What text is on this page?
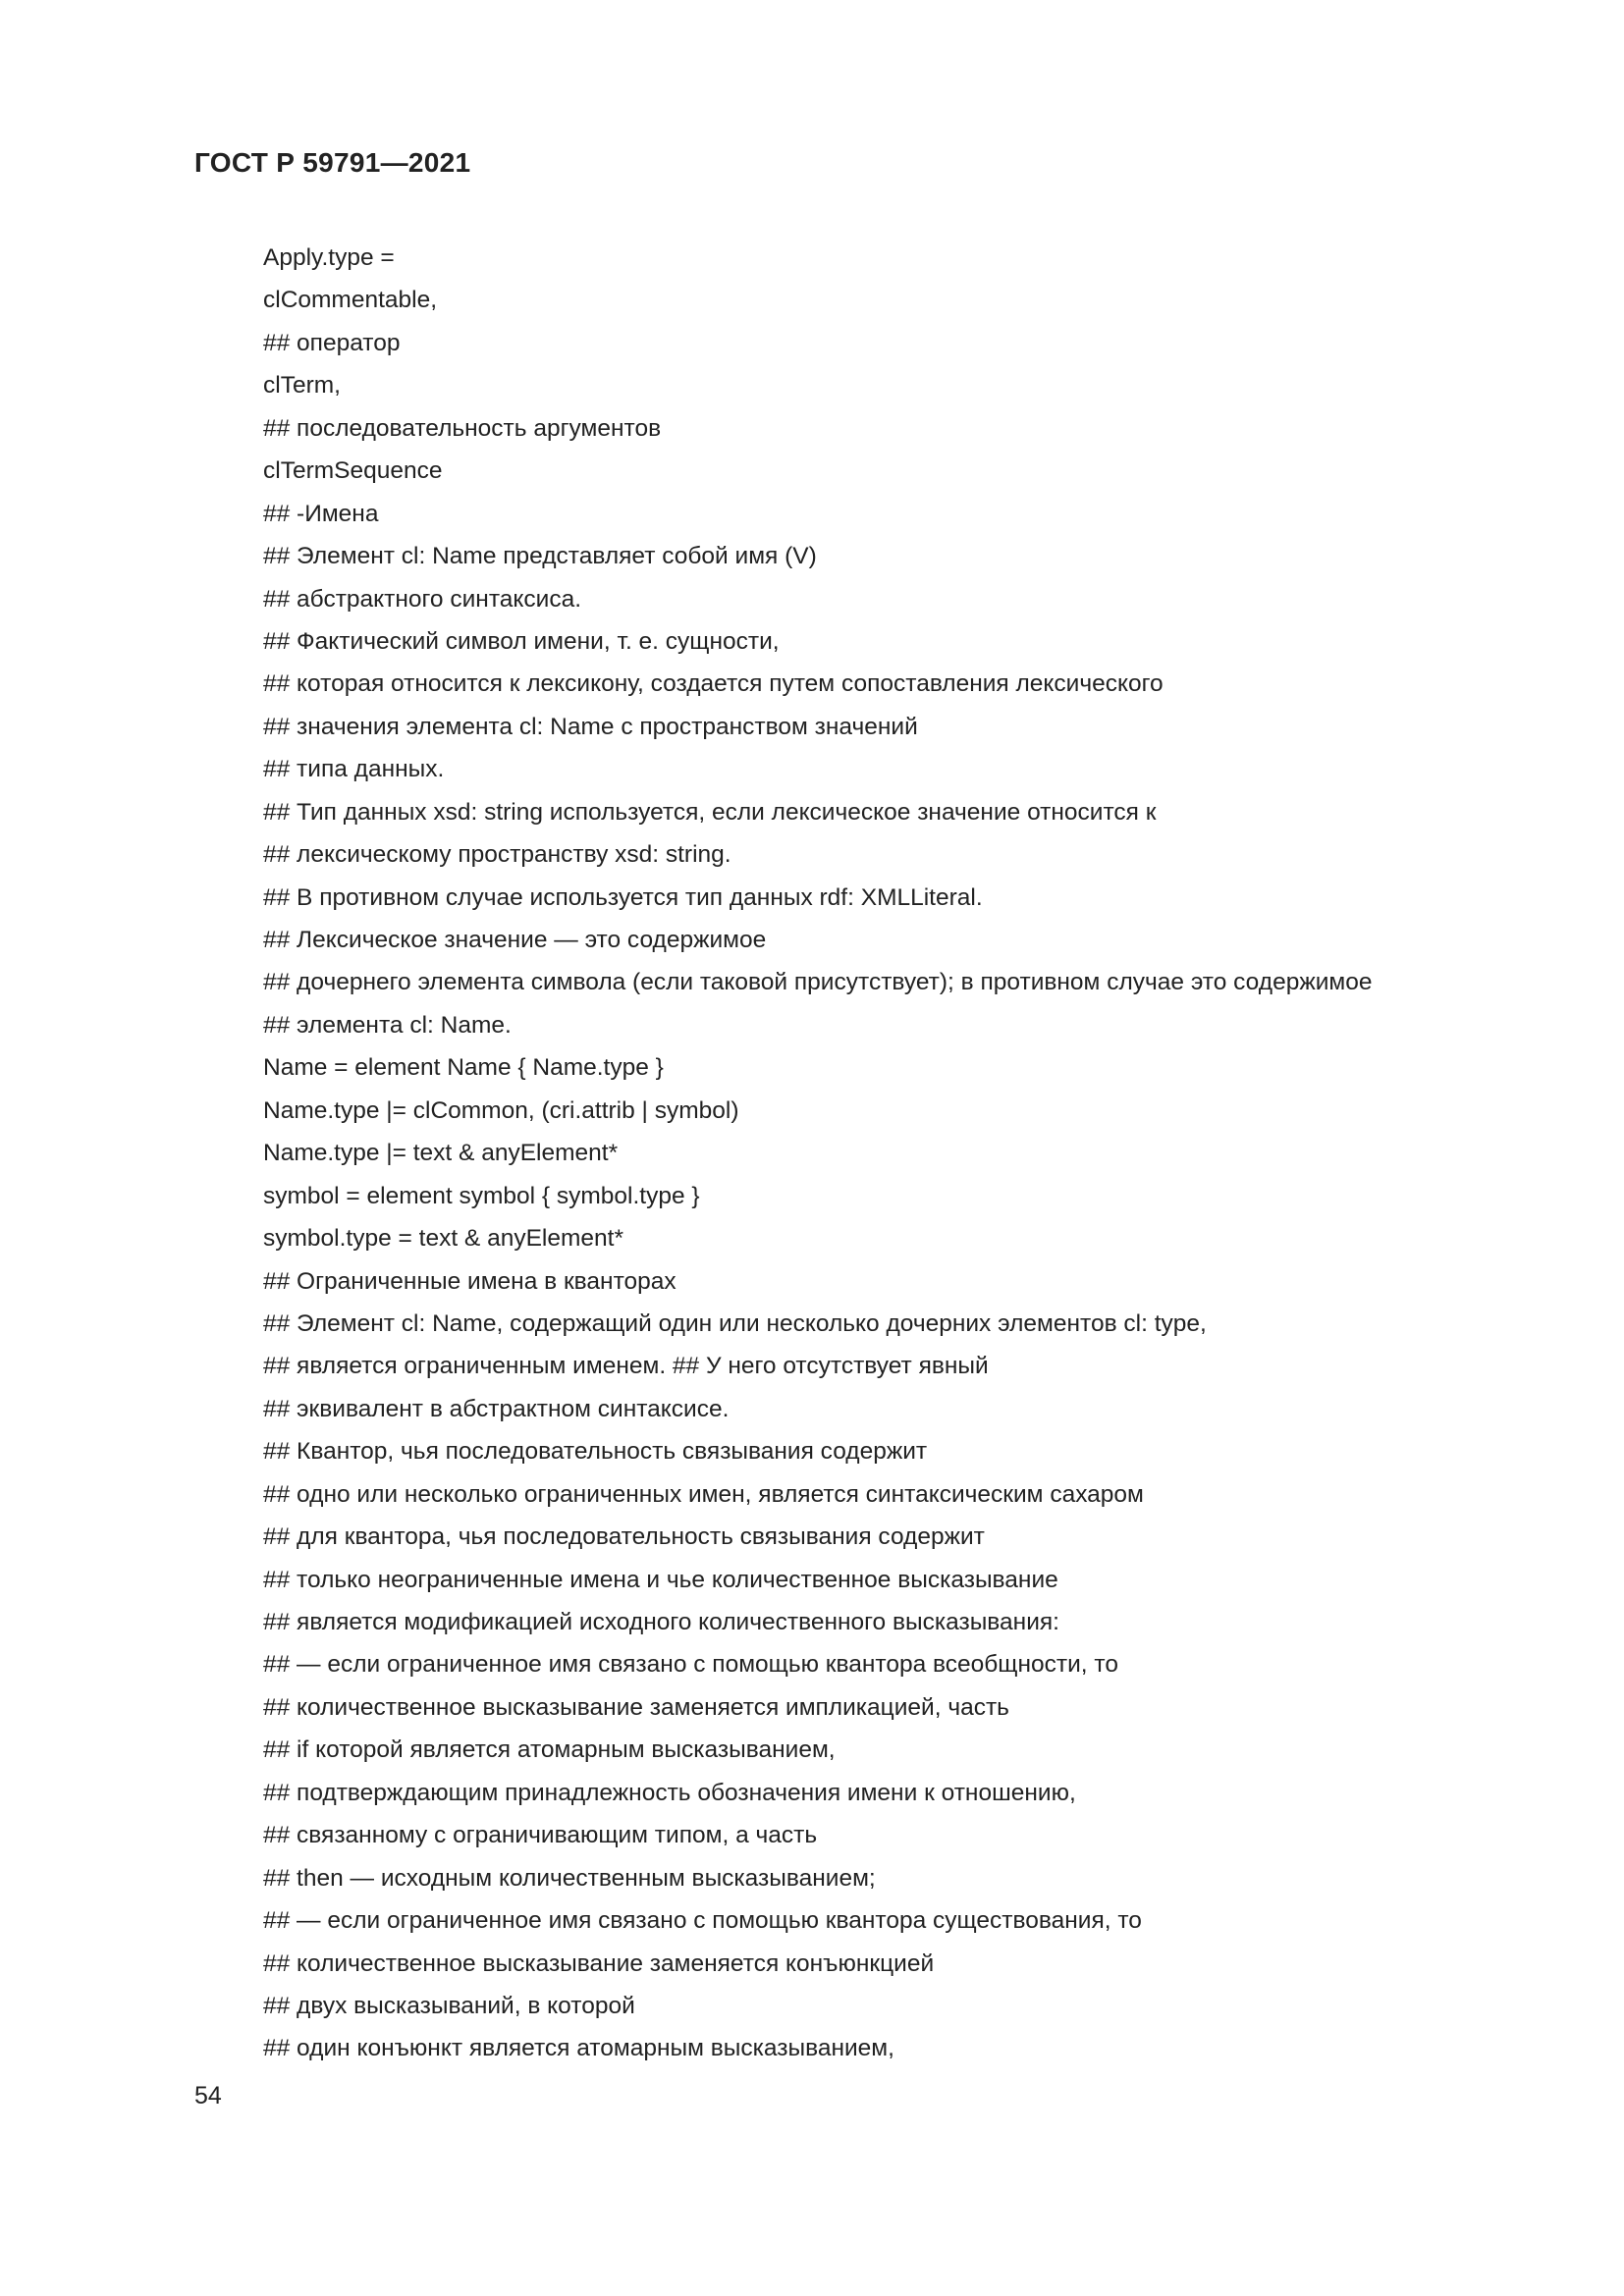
ГОСТ Р 59791—2021
Apply.type =
clCommentable,
## оператор
clTerm,
## последовательность аргументов
clTermSequence
## -Имена
## Элемент cl: Name представляет собой имя (V)
## абстрактного синтаксиса.
## Фактический символ имени, т. е. сущности,
## которая относится к лексикону, создается путем сопоставления лексического
## значения элемента cl: Name с пространством значений
## типа данных.
## Тип данных xsd: string используется, если лексическое значение относится к
## лексическому пространству xsd: string.
## В противном случае используется тип данных rdf: XMLLiteral.
## Лексическое значение — это содержимое
## дочернего элемента символа (если таковой присутствует); в противном случае это содержимое
## элемента cl: Name.
Name = element Name { Name.type }
Name.type |= clCommon, (cri.attrib | symbol)
Name.type |= text & anyElement*
symbol = element symbol { symbol.type }
symbol.type = text & anyElement*
## Ограниченные имена в кванторах
## Элемент cl: Name, содержащий один или несколько дочерних элементов cl: type,
## является ограниченным именем. ## У него отсутствует явный
## эквивалент в абстрактном синтаксисе.
## Квантор, чья последовательность связывания содержит
## одно или несколько ограниченных имен, является синтаксическим сахаром
## для квантора, чья последовательность связывания содержит
## только неограниченные имена и чье количественное высказывание
## является модификацией исходного количественного высказывания:
## — если ограниченное имя связано с помощью квантора всеобщности, то
## количественное высказывание заменяется импликацией, часть
## if которой является атомарным высказыванием,
## подтверждающим принадлежность обозначения имени к отношению,
## связанному с ограничивающим типом, а часть
## then — исходным количественным высказыванием;
## — если ограниченное имя связано с помощью квантора существования, то
## количественное высказывание заменяется конъюнкцией
## двух высказываний, в которой
## один конъюнкт является атомарным высказыванием,
54
